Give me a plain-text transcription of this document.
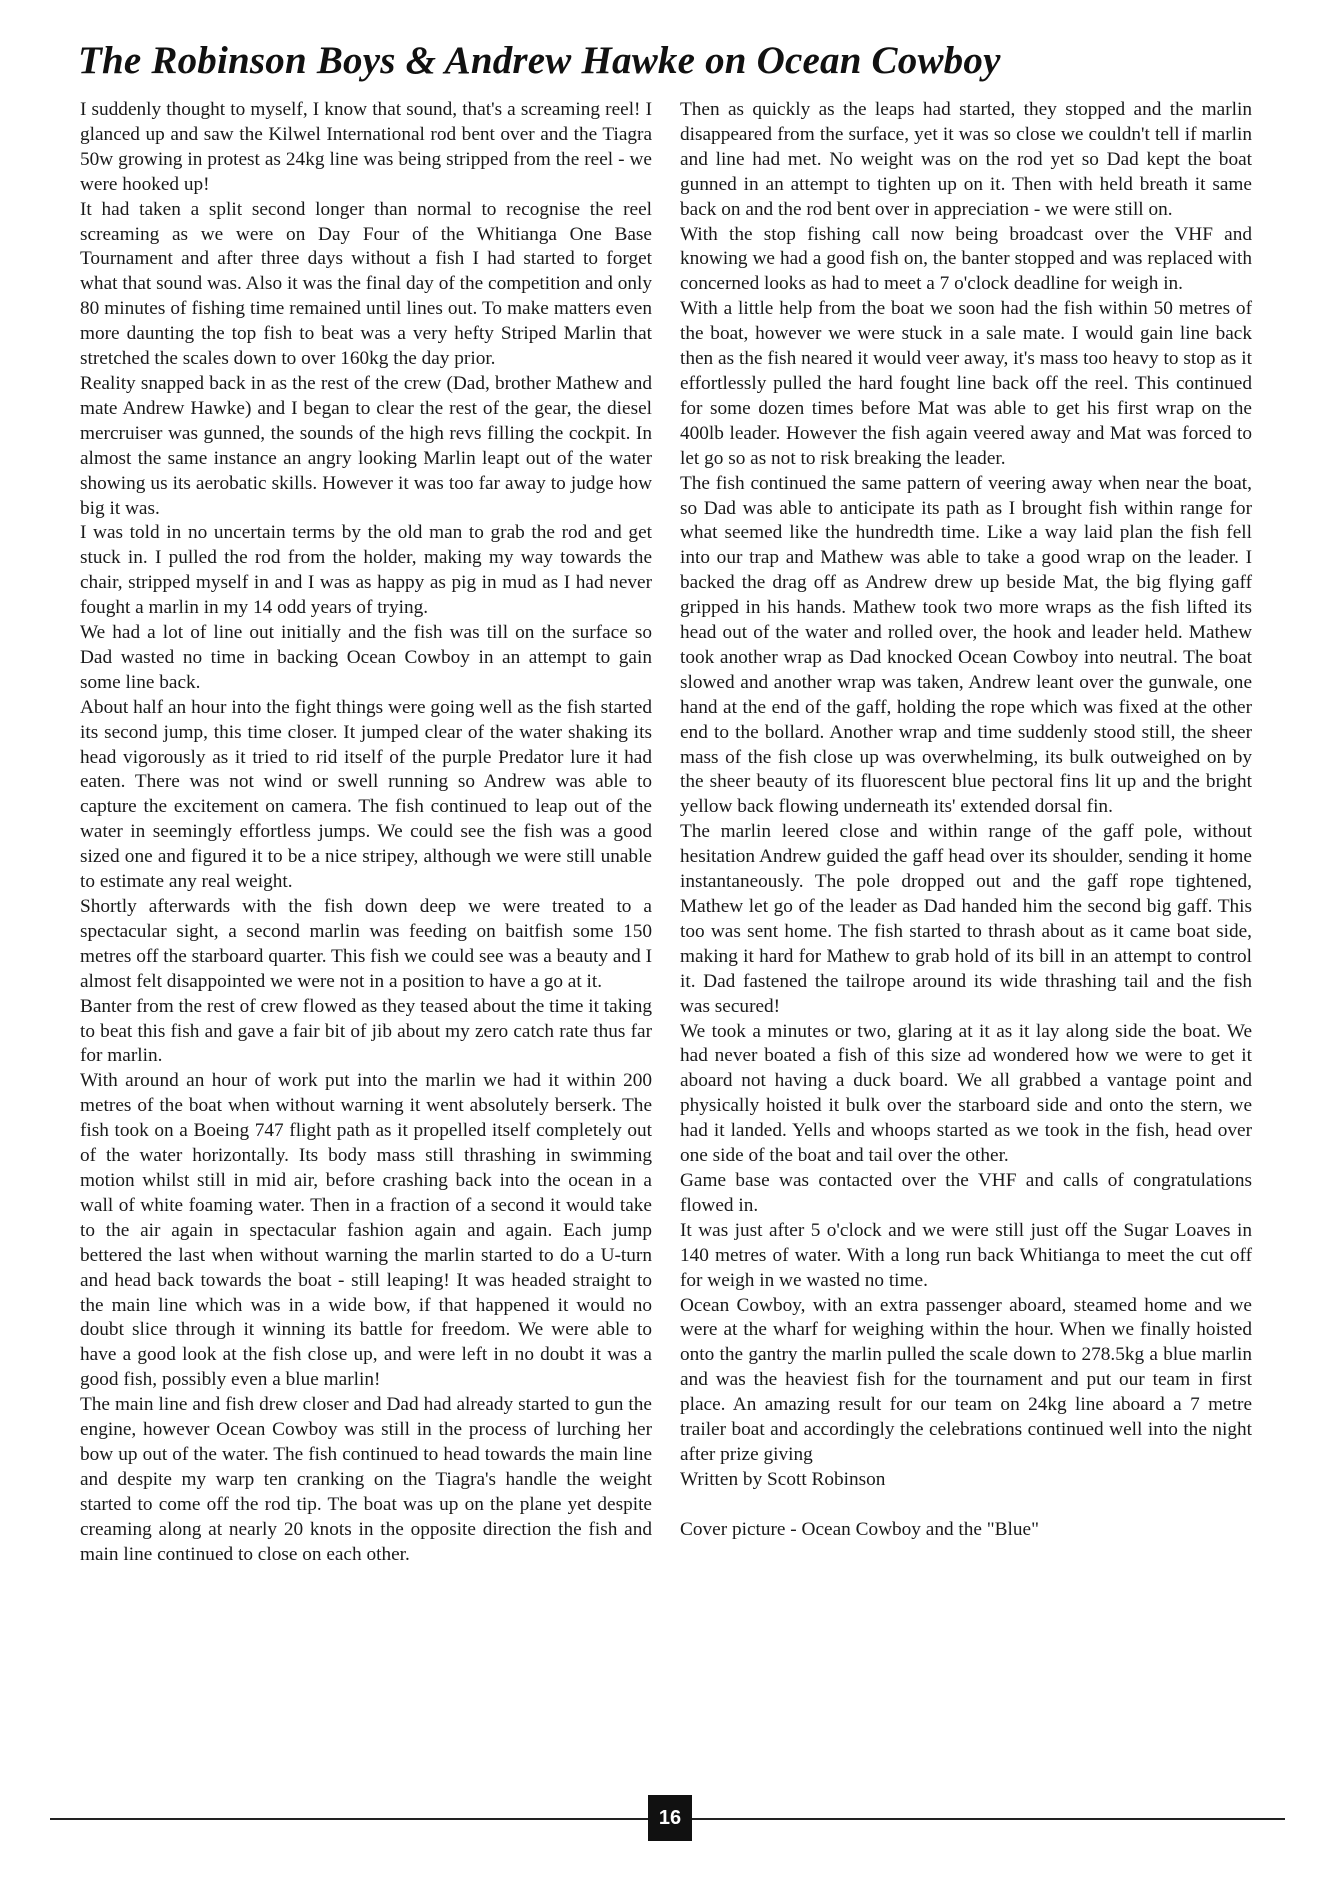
The Robinson Boys & Andrew Hawke on Ocean Cowboy

I suddenly thought to myself, I know that sound, that's a screaming reel! I glanced up and saw the Kilwel International rod bent over and the Tiagra 50w growing in protest as 24kg line was being stripped from the reel - we were hooked up!

It had taken a split second longer than normal to recognise the reel screaming as we were on Day Four of the Whitianga One Base Tournament and after three days without a fish I had started to forget what that sound was. Also it was the final day of the competition and only 80 minutes of fishing time remained until lines out. To make matters even more daunting the top fish to beat was a very hefty Striped Marlin that stretched the scales down to over 160kg the day prior.

Reality snapped back in as the rest of the crew (Dad, brother Mathew and mate Andrew Hawke) and I began to clear the rest of the gear, the diesel mercruiser was gunned, the sounds of the high revs filling the cockpit. In almost the same instance an angry looking Marlin leapt out of the water showing us its aerobatic skills. However it was too far away to judge how big it was.

I was told in no uncertain terms by the old man to grab the rod and get stuck in. I pulled the rod from the holder, making my way towards the chair, stripped myself in and I was as happy as pig in mud as I had never fought a marlin in my 14 odd years of trying.

We had a lot of line out initially and the fish was till on the surface so Dad wasted no time in backing Ocean Cowboy in an attempt to gain some line back.

About half an hour into the fight things were going well as the fish started its second jump, this time closer. It jumped clear of the water shaking its head vigorously as it tried to rid itself of the purple Predator lure it had eaten. There was not wind or swell running so Andrew was able to capture the excitement on camera. The fish continued to leap out of the water in seemingly effortless jumps. We could see the fish was a good sized one and figured it to be a nice stripey, although we were still unable to estimate any real weight.

Shortly afterwards with the fish down deep we were treated to a spectacular sight, a second marlin was feeding on baitfish some 150 metres off the starboard quarter. This fish we could see was a beauty and I almost felt disappointed we were not in a position to have a go at it.

Banter from the rest of crew flowed as they teased about the time it taking to beat this fish and gave a fair bit of jib about my zero catch rate thus far for marlin.

With around an hour of work put into the marlin we had it within 200 metres of the boat when without warning it went absolutely berserk. The fish took on a Boeing 747 flight path as it propelled itself completely out of the water horizontally. Its body mass still thrashing in swimming motion whilst still in mid air, before crashing back into the ocean in a wall of white foaming water. Then in a fraction of a second it would take to the air again in spectacular fashion again and again. Each jump bettered the last when without warning the marlin started to do a U-turn and head back towards the boat - still leaping! It was headed straight to the main line which was in a wide bow, if that happened it would no doubt slice through it winning its battle for freedom. We were able to have a good look at the fish close up, and were left in no doubt it was a good fish, possibly even a blue marlin!

The main line and fish drew closer and Dad had already started to gun the engine, however Ocean Cowboy was still in the process of lurching her bow up out of the water. The fish continued to head towards the main line and despite my warp ten cranking on the Tiagra's handle the weight started to come off the rod tip. The boat was up on the plane yet despite creaming along at nearly 20 knots in the opposite direction the fish and main line continued to close on each other.

Then as quickly as the leaps had started, they stopped and the marlin disappeared from the surface, yet it was so close we couldn't tell if marlin and line had met. No weight was on the rod yet so Dad kept the boat gunned in an attempt to tighten up on it. Then with held breath it same back on and the rod bent over in appreciation - we were still on.

With the stop fishing call now being broadcast over the VHF and knowing we had a good fish on, the banter stopped and was replaced with concerned looks as had to meet a 7 o'clock deadline for weigh in.

With a little help from the boat we soon had the fish within 50 metres of the boat, however we were stuck in a sale mate. I would gain line back then as the fish neared it would veer away, it's mass too heavy to stop as it effortlessly pulled the hard fought line back off the reel. This continued for some dozen times before Mat was able to get his first wrap on the 400lb leader. However the fish again veered away and Mat was forced to let go so as not to risk breaking the leader.

The fish continued the same pattern of veering away when near the boat, so Dad was able to anticipate its path as I brought fish within range for what seemed like the hundredth time. Like a way laid plan the fish fell into our trap and Mathew was able to take a good wrap on the leader. I backed the drag off as Andrew drew up beside Mat, the big flying gaff gripped in his hands. Mathew took two more wraps as the fish lifted its head out of the water and rolled over, the hook and leader held. Mathew took another wrap as Dad knocked Ocean Cowboy into neutral. The boat slowed and another wrap was taken, Andrew leant over the gunwale, one hand at the end of the gaff, holding the rope which was fixed at the other end to the bollard. Another wrap and time suddenly stood still, the sheer mass of the fish close up was overwhelming, its bulk outweighed on by the sheer beauty of its fluorescent blue pectoral fins lit up and the bright yellow back flowing underneath its' extended dorsal fin.

The marlin leered close and within range of the gaff pole, without hesitation Andrew guided the gaff head over its shoulder, sending it home instantaneously. The pole dropped out and the gaff rope tightened, Mathew let go of the leader as Dad handed him the second big gaff. This too was sent home. The fish started to thrash about as it came boat side, making it hard for Mathew to grab hold of its bill in an attempt to control it. Dad fastened the tailrope around its wide thrashing tail and the fish was secured!

We took a minutes or two, glaring at it as it lay along side the boat. We had never boated a fish of this size ad wondered how we were to get it aboard not having a duck board. We all grabbed a vantage point and physically hoisted it bulk over the starboard side and onto the stern, we had it landed. Yells and whoops started as we took in the fish, head over one side of the boat and tail over the other.

Game base was contacted over the VHF and calls of congratulations flowed in.

It was just after 5 o'clock and we were still just off the Sugar Loaves in 140 metres of water. With a long run back Whitianga to meet the cut off for weigh in we wasted no time.

Ocean Cowboy, with an extra passenger aboard, steamed home and we were at the wharf for weighing within the hour. When we finally hoisted onto the gantry the marlin pulled the scale down to 278.5kg a blue marlin and was the heaviest fish for the tournament and put our team in first place. An amazing result for our team on 24kg line aboard a 7 metre trailer boat and accordingly the celebrations continued well into the night after prize giving

Written by Scott Robinson

Cover picture - Ocean Cowboy and the "Blue"

16
